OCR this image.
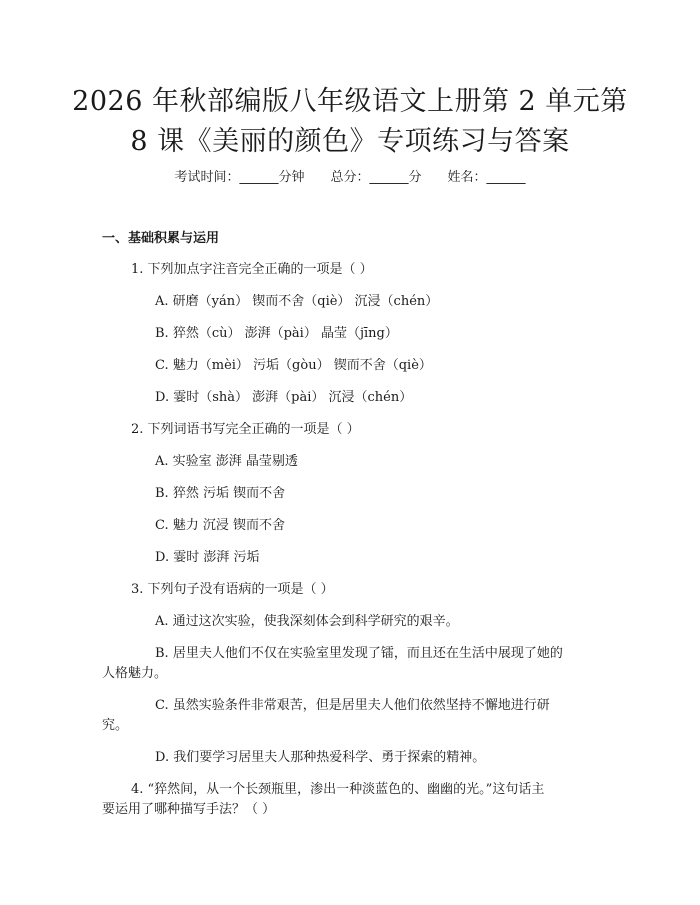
2026 年秋部编版八年级语文上册第 2 单元第
8 课《美丽的颜色》专项练习与答案
考试时间：______分钟 总分：______分 姓名：______
一、基础积累与运用
1. 下列加点字注音完全正确的一项是（ ）
A. 研磨（yán） 锲而不舍（qiè） 沉浸（chén）
B. 猝然（cù） 澎湃（pài） 晶莹（jīng）
C. 魅力（mèi） 污垢（gòu） 锲而不舍（qiè）
D. 霎时（shà） 澎湃（pài） 沉浸（chén）
2. 下列词语书写完全正确的一项是（ ）
A. 实验室 澎湃 晶莹剔透
B. 猝然 污垢 锲而不舍
C. 魅力 沉浸 锲而不舍
D. 霎时 澎湃 污垢
3. 下列句子没有语病的一项是（ ）
A. 通过这次实验，使我深刻体会到科学研究的艰辛。
B. 居里夫人他们不仅在实验室里发现了镭，而且还在生活中展现了她的
人格魅力。
C. 虽然实验条件非常艰苦，但是居里夫人他们依然坚持不懈地进行研
究。
D. 我们要学习居里夫人那种热爱科学、勇于探索的精神。
4. “猝然间，从一个长颈瓶里，渗出一种淡蓝色的、幽幽的光。”这句话主
要运用了哪种描写手法？（ ）
